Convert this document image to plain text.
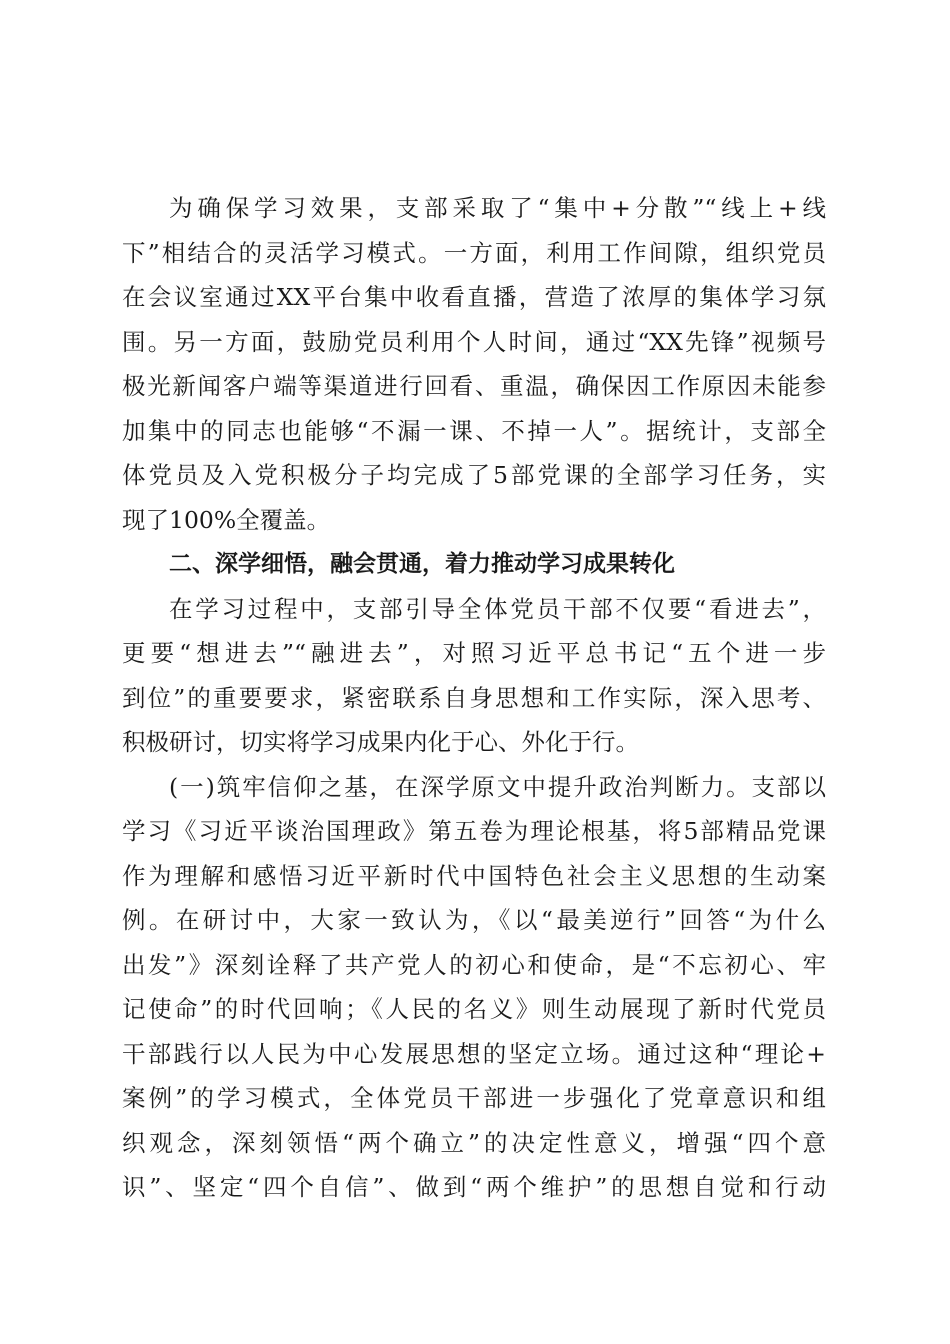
为确保学习效果，支部采取了“集中+分散”“线上+线
下”相结合的灵活学习模式。一方面，利用工作间隙，组织党员
在会议室通过XX平台集中收看直播，营造了浓厚的集体学习氛
围。另一方面，鼓励党员利用个人时间，通过“XX先锋”视频号
极光新闻客户端等渠道进行回看、重温，确保因工作原因未能参
加集中的同志也能够“不漏一课、不掉一人”。据统计，支部全
体党员及入党积极分子均完成了5部党课的全部学习任务，实
现了100%全覆盖。
二、深学细悟，融会贯通，着力推动学习成果转化
在学习过程中，支部引导全体党员干部不仅要“看进去”，
更要“想进去”“融进去”，对照习近平总书记“五个进一步
到位”的重要要求，紧密联系自身思想和工作实际，深入思考、
积极研讨，切实将学习成果内化于心、外化于行。
(一)筑牢信仰之基，在深学原文中提升政治判断力。支部以
学习《习近平谈治国理政》第五卷为理论根基，将5部精品党课
作为理解和感悟习近平新时代中国特色社会主义思想的生动案
例。在研讨中，大家一致认为，《以“最美逆行”回答“为什么
出发”》深刻诠释了共产党人的初心和使命，是“不忘初心、牢
记使命”的时代回响；《人民的名义》则生动展现了新时代党员
干部践行以人民为中心发展思想的坚定立场。通过这种“理论+
案例”的学习模式，全体党员干部进一步强化了党章意识和组
织观念，深刻领悟“两个确立”的决定性意义，增强“四个意
识”、坚定“四个自信”、做到“两个维护”的思想自觉和行动
